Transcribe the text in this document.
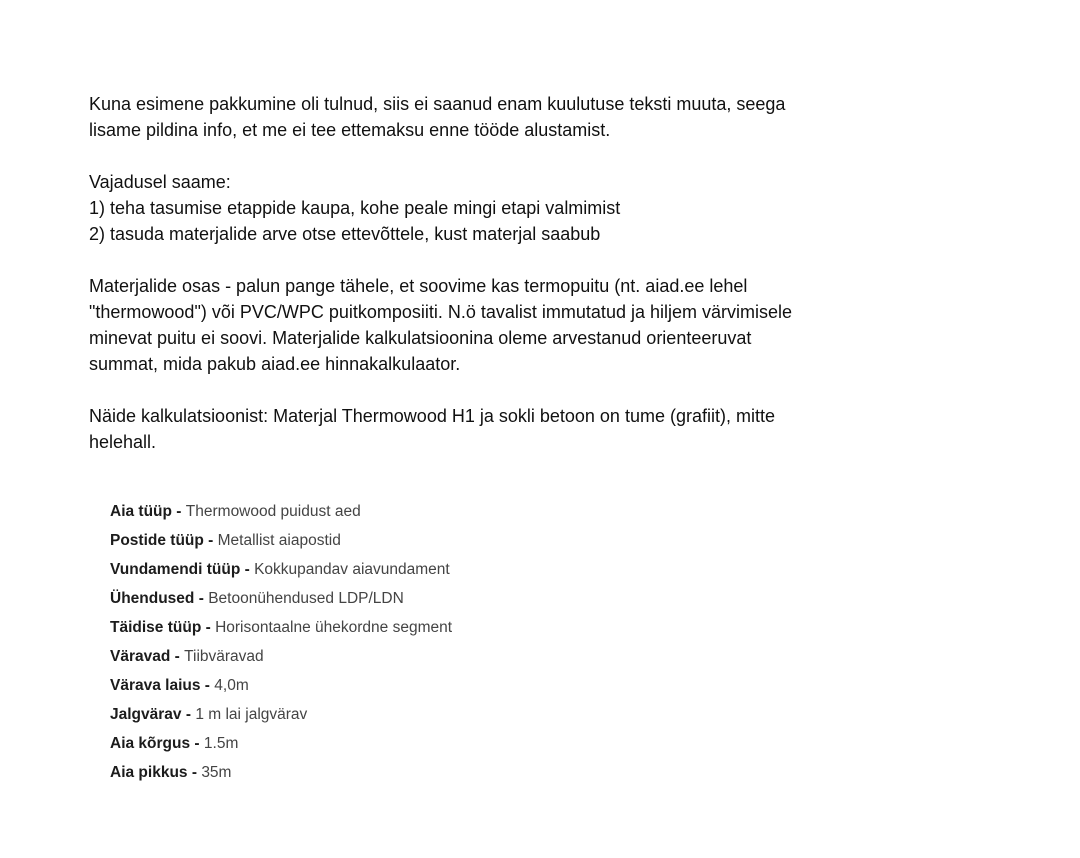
Kuna esimene pakkumine oli tulnud, siis ei saanud enam kuulutuse teksti muuta, seega
lisame pildina info, et me ei tee ettemaksu enne tööde alustamist.

Vajadusel saame:
1) teha tasumise etappide kaupa, kohe peale mingi etapi valmimist
2) tasuda materjalide arve otse ettevõttele, kust materjal saabub

Materjalide osas - palun pange tähele, et soovime kas termopuitu (nt. aiad.ee lehel
"thermowood") või PVC/WPC puitkomposiiti. N.ö tavalist immutatud ja hiljem värvimisele
minevat puitu ei soovi. Materjalide kalkulatsioonina oleme arvestanud orienteeruvat
summat, mida pakub aiad.ee hinnakalkulaator.

Näide kalkulatsioonist: Materjal Thermowood H1 ja sokli betoon on tume (grafiit), mitte
helehall.

Aia tüüp - Thermowood puidust aed
Postide tüüp - Metallist aiapostid
Vundamendi tüüp - Kokkupandav aiavundament
Ühendused - Betoonühendused LDP/LDN
Täidise tüüp - Horisontaalne ühekordne segment
Väravad - Tiibväravad
Värava laius - 4,0m
Jalgvärav - 1 m lai jalgvärav
Aia kõrgus - 1.5m
Aia pikkus - 35m
